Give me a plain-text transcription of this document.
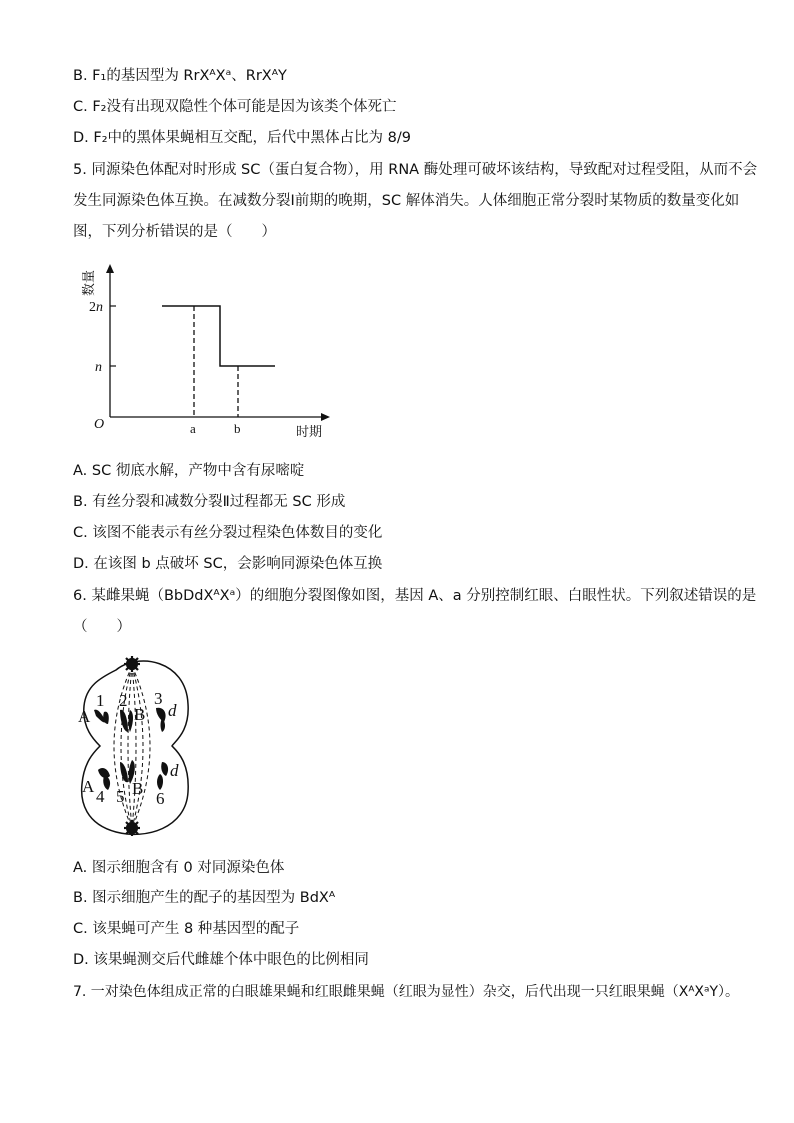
B. F₁的基因型为 RrXᴬXᵃ、RrXᴬY
C. F₂没有出现双隐性个体可能是因为该类个体死亡
D. F₂中的黑体果蝇相互交配，后代中黑体占比为 8/9
5. 同源染色体配对时形成 SC（蛋白复合物），用 RNA 酶处理可破坏该结构，导致配对过程受阻，从而不会
发生同源染色体互换。在减数分裂Ⅰ前期的晚期，SC 解体消失。人体细胞正常分裂时某物质的数量变化如
图，下列分析错误的是（　　）
数量
2n
n
O	a	b	时期
A. SC 彻底水解，产物中含有尿嘧啶
B. 有丝分裂和减数分裂Ⅱ过程都无 SC 形成
C. 该图不能表示有丝分裂过程染色体数目的变化
D. 在该图 b 点破坏 SC，会影响同源染色体互换
6. 某雌果蝇（BbDdXᴬXᵃ）的细胞分裂图像如图，基因 A、a 分别控制红眼、白眼性状。下列叙述错误的是
（　　）
1 2 3
A	B d
A B
d
4 5 6
A. 图示细胞含有 0 对同源染色体
B. 图示细胞产生的配子的基因型为 BdXᴬ
C. 该果蝇可产生 8 种基因型的配子
D. 该果蝇测交后代雌雄个体中眼色的比例相同
7. 一对染色体组成正常的白眼雄果蝇和红眼雌果蝇（红眼为显性）杂交，后代出现一只红眼果蝇（XᴬXᵃY）。
